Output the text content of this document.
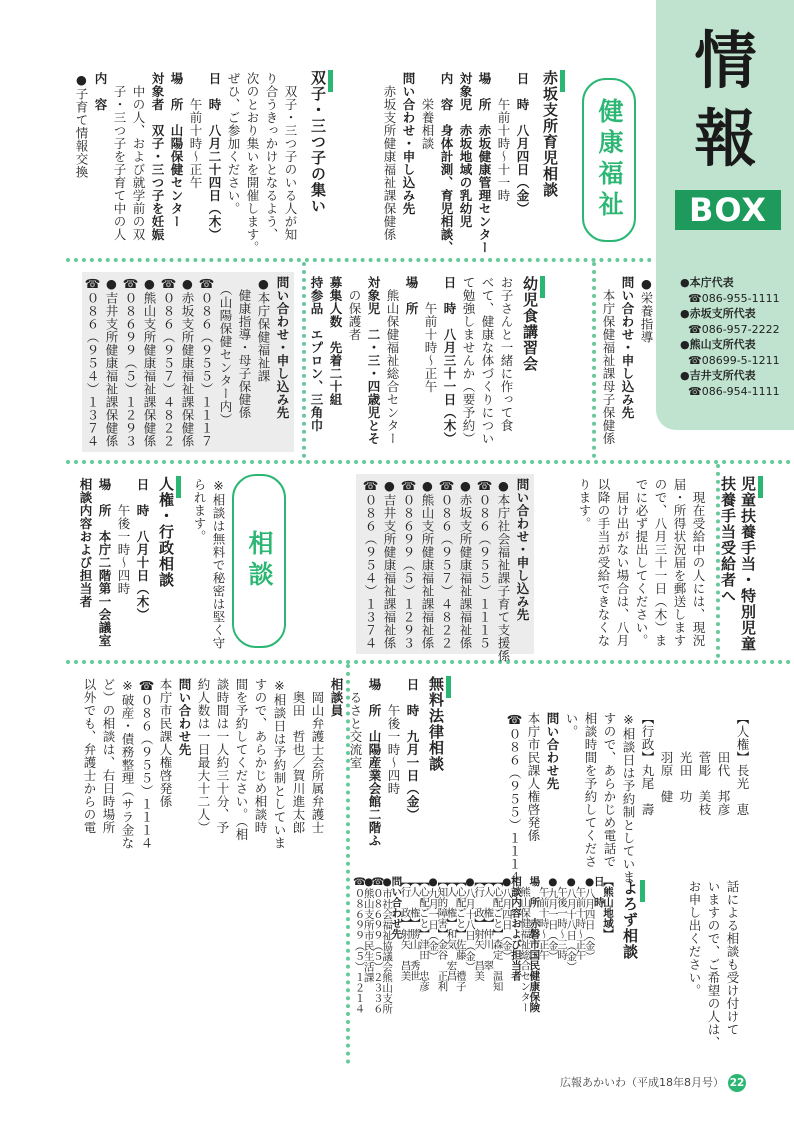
情報
BOX
●本庁代表
☎086-955-1111
●赤坂支所代表
☎086-957-2222
●熊山支所代表
☎08699-5-1211
●吉井支所代表
☎086-954-1111
健康福祉
相談
赤坂支所育児相談
日　時　八月四日（金）
　　午前十時～十一時
場　所　赤坂健康管理センター
対象児　赤坂地域の乳幼児
内　容　身体計測、育児相談、
　　栄養相談
問い合わせ・申し込み先
　赤坂支所健康福祉課保健係
双子・三つ子の集い
　双子・三つ子のいる人が知
り合うきっかけとなるよう、
次のとおり集いを開催します。
ぜひ、ご参加ください。
日　時　八月二十四日（木）
　　午前十時～正午
場　所　山陽保健センター
対象者　双子・三つ子を妊娠
　中の人、および就学前の双
　子・三つ子を子育て中の人
内　容
●子育て情報交換
●栄養指導
問い合わせ・申し込み先
　本庁保健福祉課母子保健係
幼児食講習会
お子さんと一緒に作って食
べて、健康な体づくりについ
て勉強しませんか（要予約）
日　時　八月三十一日（木）
　　午前十時～正午
場　所
　熊山保健福祉総合センター
対象児　二・三・四歳児とそ
　の保護者
募集人数　先着二十組
持参品　エプロン、三角巾
問い合わせ・申し込み先
●本庁保健福祉課
　健康指導・母子保健係
　（山陽保健センター内）
☎０８６（９５５）１１１７
●赤坂支所健康福祉課保健係
☎０８６（９５７）４８２２
●熊山支所健康福祉課保健係
☎０８６９９（５）１２９３
●吉井支所健康福祉課保健係
☎０８６（９５４）１３７４
児童扶養手当・特別児童扶養手当受給者へ
　現在受給中の人には、現況
届・所得状況届を郵送します
ので、八月三十一日（木）ま
でに必ず提出してください。
　届け出がない場合は、八月
以降の手当が受給できなくな
ります。
問い合わせ・申し込み先
●本庁社会福祉課子育て支援係
☎０８６（９５５）１１１５
●赤坂支所健康福祉課福祉係
☎０８６（９５７）４８２２
●熊山支所健康福祉課福祉係
☎０８６９９（５）１２９３
●吉井支所健康福祉課福祉係
☎０８６（９５４）１３７４
※相談は無料で秘密は堅く守
られます。
人権・行政相談
日　時　八月十日（木）
　　午後一時～四時
場　所　本庁二階第一会議室
相談内容および担当者
【人権】長光　恵
　　　田代　邦彦
　　　菅彫　美枝
　　　光田　功
　　　羽原　健
【行政】丸尾　壽
※相談日は予約制としていま
すので、あらかじめ電話で
相談時間を予約してくださ
い。
問い合わせ先
本庁市民課人権啓発係
☎０８６（９５５）１１１４
無料法律相談
日　時　九月一日（金）
　　午後一時～四時
場　所　山陽産業会館二階ふ
　るさと交流室
相談員
　岡山弁護士会所属弁護士
　奥田　哲也／賀川進太郎
※相談日は予約制としていま
すので、あらかじめ相談時
間を予約してください。（相
談時間は一人約三十分、予
約人数は一日最大十二人）
問い合わせ先
本庁市民課人権啓発係
☎０８６（９５５）１１１４
※破産・債務整理（サラ金な
ど）の相談は、右日時場所
以外でも、弁護士からの電
よろず相談	話による相談も受け付けて
いますので、ご希望の人は、
お申し出ください。
【熊山地域】
日　時
●八月四日（金）
　午前十時～正午
●八月十八日（金）
　午後一時～三時
●九月一日（金）
　午前十時～正午
場　所　赤磐市国民健康保険
　熊山保健福祉総合センター
相談内容および担当者
●八月四日（金）
【心配ごと】森定　温知
【人　権】仲川　翠
【行　政】射矢　昌美
●八月十八日（金）
【心配ごと】佐藤　禮子
【人　権】和気　宏昌
【知的障害】金谷　正利
●九月一日（金）
【心配ごと】津田　忠彦
【人　権】勝山　秀世
【行　政】射矢　昌美
問い合わせ先
●市社会福祉協議会熊山支所
☎０８６９９（５）２３３６
●熊山支所市民生活課
☎０８６９９（５）１２１４
広報あかいわ（平成18年8月号） 22
